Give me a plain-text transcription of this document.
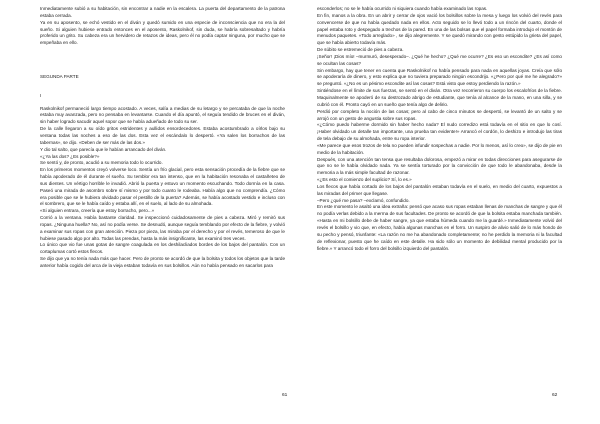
Inmediatamente subió a su habitación, sin encontrar a nadie en la escalera. La puerta del departamento de la patrona estaba cerrada.

Ya en su aposento, se echó vestido en el diván y quedó sumido en una especie de inconsciencia que no era la del sueño. Si alguien hubiese entrado entonces en el aposento, Raskolnikof, sin duda, se habría sobresaltado y habría proferido un grito. Su cabeza era un hervidero de retazos de ideas, pero él no podía captar ninguna, por mucho que se empeñaba en ello.

SEGUNDA PARTE

I

Raskolnikof permaneció largo tiempo acostado. A veces, salía a medias de su letargo y se percataba de que la noche estaba muy avanzada, pero no pensaba en levantarse. Cuando el día apuntó, el seguía tendido de bruces en el diván, sin haber logrado sacudir aquel sopor que se había adueñado de todo su ser.

De la calle llegaron a su oído gritos estridentes y aullidos ensordecedores. Estaba acostumbrado a oírlos bajo su ventana todas las noches a eso de las dos. Esta vez el escándalo lo despertó. «Ya salen los borrachos de las tabernas», se dijo. «Deben de ser más de las dos.»

Y dio tal salto, que parecía que le habían arrancado del diván.

«¿Ya las dos? ¿Es posible?»

Se sentó y, de pronto, acudió a su memoria todo lo ocurrido.

En los primeros momentos creyó volverse loco. Sentía un frío glacial, pero esta sensación procedía de la fiebre que se había apoderado de él durante el sueño. Su temblor era tan intenso, que en la habitación resonaba el castañeteo de sus dientes. Un vértigo horrible le invadió. Abrió la puerta y estuvo un momento escuchando. Todo dormía en la casa. Paseó una mirada de asombro sobre sí mismo y por todo cuanto le rodeaba. Había algo que no comprendía. ¿Cómo era posible que se le hubiera olvidado pasar el pestillo de la puerta? Además, se había acostado vestido e incluso con el sombrero, que se le había caído y estaba allí, en el suelo, al lado de su almohada.

«Si alguien entrara, creería que estoy borracho, pero...»

Corrió a la ventana. Había bastante claridad. Se inspeccionó cuidadosamente de pies a cabeza. Miró y remiró sus ropas. ¿Ninguna huella? No, así no podía verse. Se desnudó, aunque seguía temblando por efecto de la fiebre, y volvió a examinar sus ropas con gran atención. Pieza por pieza, las miraba por el derecho y por el revés, temeroso de que le hubiese pasado algo por alto. Todas las prendas, hasta la más insignificante, las examinó tres veces.

Lo único que vio fue unas gotas de sangre coagulada en los deshilacliados bordes de los bajos del pantalón. Con un cortaplumas cortó estos flecos.

Se dijo que ya no tenía nada más que hacer. Pero de pronto se acordó de que la bolsita y todos los objetos que la tarde anterior había cogido del arca de la vieja estaban todavía en sus bolsillos. Aún no había pensado en sacarlos para

61

esconderlos; no se le había ocurrido ni siquiera cuando había examinado las ropas.

En fin, manos a la obra. En un abrir y cerrar de ojos vació los bolsillos sobre la mesa y luego los volvió del revés para convencerse de que no había quedado nada en ellos. Acto seguido se lo llevó todo a un rincón del cuarto, donde el papel estaba roto y despegado a trechos de la pared. En una de las bolsas que el papel formaba introdujo el montón de menudos paquetes. «Todo arreglado» , se dijo alegremente. Y se quedó mirando con gesto estúpido la grieta del papel, que se había abierto todavía más.

De súbito se estremeció de pies a cabeza.

¡Señor! ¡Dios mío! –murmuró, desesperado–. ¿Qué he hecho? ¿Qué me ocurre? ¿Es eso un escondite? ¿Es así como se ocultan las cosas?

Sin embargo, hay que tener en cuenta que Raskolnikof no había pensado para nada en aquellas joyas. Creía que sólo se apoderaría de dinero, y esto explica que no tuviera preparado ningún escondrijo. «¿Pero por qué me he alegrado?» se preguntó. «¿No es un pésimo escondite así las cosas? Está visto que estoy perdiendo la razón.»

Sintiéndose en el límite de sus fuerzas, se sentó en el diván. Otra vez recorrieron su cuerpo los escalofríos de la fiebre. Maquinalmente se apoderó de su destrozado abrigo de estudiante, que tenía al alcance de la mano, en una silla, y se cubrió con él. Pronto cayó en un sueño que tenía algo de delirio.

Perdió por completo la noción de las cosas; pero al cabo de cinco minutos se despertó, se levantó de un salto y se arrojó con un gesto de angustia sobre sus ropas.

«¿Cómo puedo haberme dormido sin haber hecho nada? El nudo corredizo está todavía en el sitio en que lo cosí. ¡Haber olvidado un detalle tan importante, una prueba tan evidente!» Arrancó el cordón, lo deshizo e introdujo las tiras de tela debajo de su almohada, entre su ropa interior.

«Me parece que esos trozos de tela no pueden infundir sospechas a nadie. Por lo menos, así lo creo», se dijo de pie en medio de la habitación.

Después, con una atención tan tensa que resultaba dolorosa, empezó a mirar en todas direcciones para asegurarse de que no se le había olvidado nada. Ya se sentía torturado por la convicción de que todo le abandonaba, desde la memoria a la más simple facultad de razonar.

«¿Es esto el comienzo del suplicio? Sí, lo es.»

Los flecos que había cortado de los bajos del pantalón estaban todavía en el suelo, en medio del cuarto, expuestos a las miradas del primer que llegase.

–Pero ¿qué me pasa? –exclamó, confundido.

En este momento le asaltó una idea extraña: pensó que acaso sus ropas estaban llenas de manchas de sangre y que él no podía verlas debido a la merma de sus facultades. De pronto se acordó de que la bolsita estaba manchada también. «Hasta en mi bolsillo debe de haber sangre, ya que estaba húmeda cuando me la guardé.» Inmediatamente volvió del revés el bolsillo y vio que, en efecto, había algunas manchas en el forro. Un suspiro de alivio salió de lo más hondo de su pecho y pensó, triunfante: «La razón no me ha abandonado completamente; no he perdido la memoria ni la facultad de reflexionar, puesto que he caído en este detalle. Ha sido sólo un momento de debilidad mental producido por la fiebre.» Y arrancó todo el forro del bolsillo izquierdo del pantalón.

62
